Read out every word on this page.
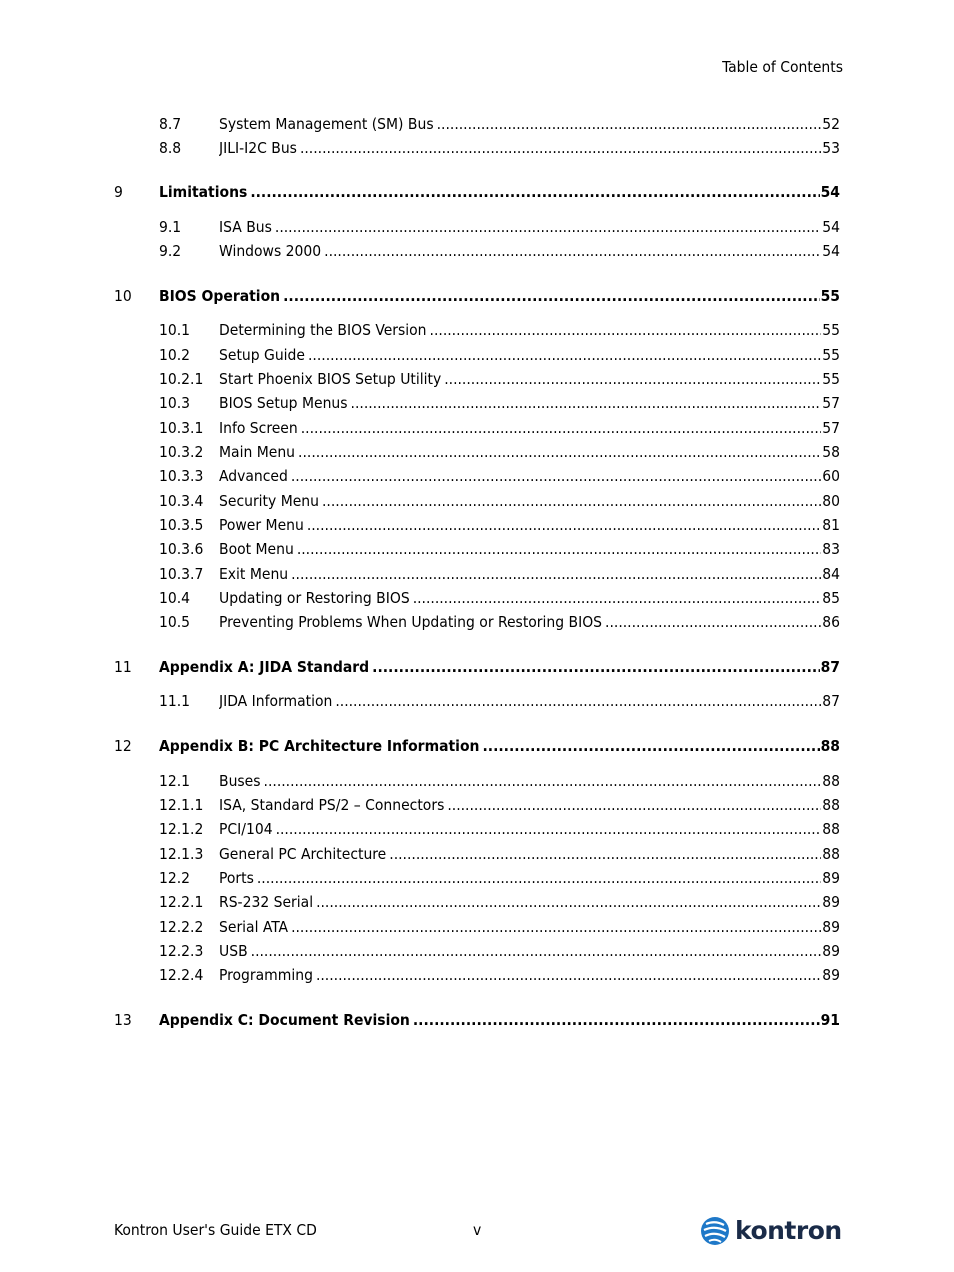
Table of Contents
8.7 System Management (SM) Bus .....	52
8.8 JILI-I2C Bus .....	53
9 Limitations .....	54
9.1 ISA Bus .....	54
9.2 Windows 2000 .....	54
10 BIOS Operation .....	55
10.1 Determining the BIOS Version .....	55
10.2 Setup Guide .....	55
10.2.1 Start Phoenix BIOS Setup Utility .....	55
10.3 BIOS Setup Menus .....	57
10.3.1 Info Screen .....	57
10.3.2 Main Menu .....	58
10.3.3 Advanced .....	60
10.3.4 Security Menu .....	80
10.3.5 Power Menu .....	81
10.3.6 Boot Menu .....	83
10.3.7 Exit Menu .....	84
10.4 Updating or Restoring BIOS .....	85
10.5 Preventing Problems When Updating or Restoring BIOS .....	86
11 Appendix A: JIDA Standard .....	87
11.1 JIDA Information .....	87
12 Appendix B: PC Architecture Information .....	88
12.1 Buses .....	88
12.1.1 ISA, Standard PS/2 – Connectors .....	88
12.1.2 PCI/104 .....	88
12.1.3 General PC Architecture .....	88
12.2 Ports .....	89
12.2.1 RS-232 Serial .....	89
12.2.2 Serial ATA .....	89
12.2.3 USB .....	89
12.2.4 Programming .....	89
13 Appendix C: Document Revision .....	91
Kontron User's Guide ETX CD	v	kontron
